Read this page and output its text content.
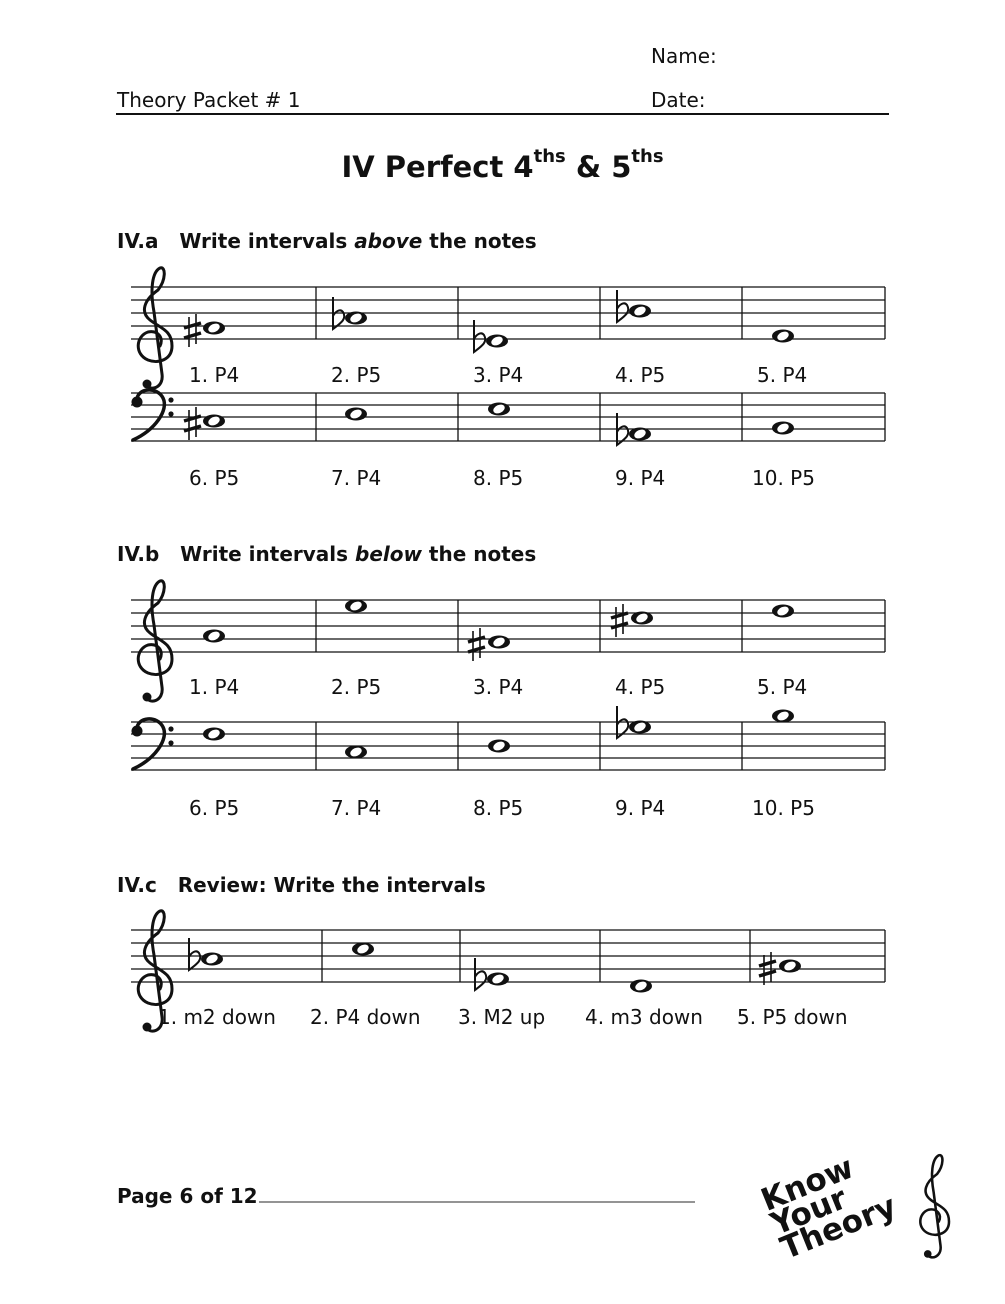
Name:
Theory Packet # 1	Date:
IV Perfect $4^{ths}$ & $5^{ths}$
IV.a Write intervals above the notes
IV.b Write intervals below the notes
IV.c Review: Write the intervals
1. P4	2. P5	3. P4	4. P5	5. P4
6. P5	7. P4	8. P5	9. P4	10. P5
1. P4	2. P5	3. P4	4. P5	5. P4
6. P5	7. P4	8. P5	9. P4	10. P5
1. m2 down 2. P4 down 3. M2 up 4. m3 down 5. P5 down
Page 6 of 12	Know
Your
Theory
